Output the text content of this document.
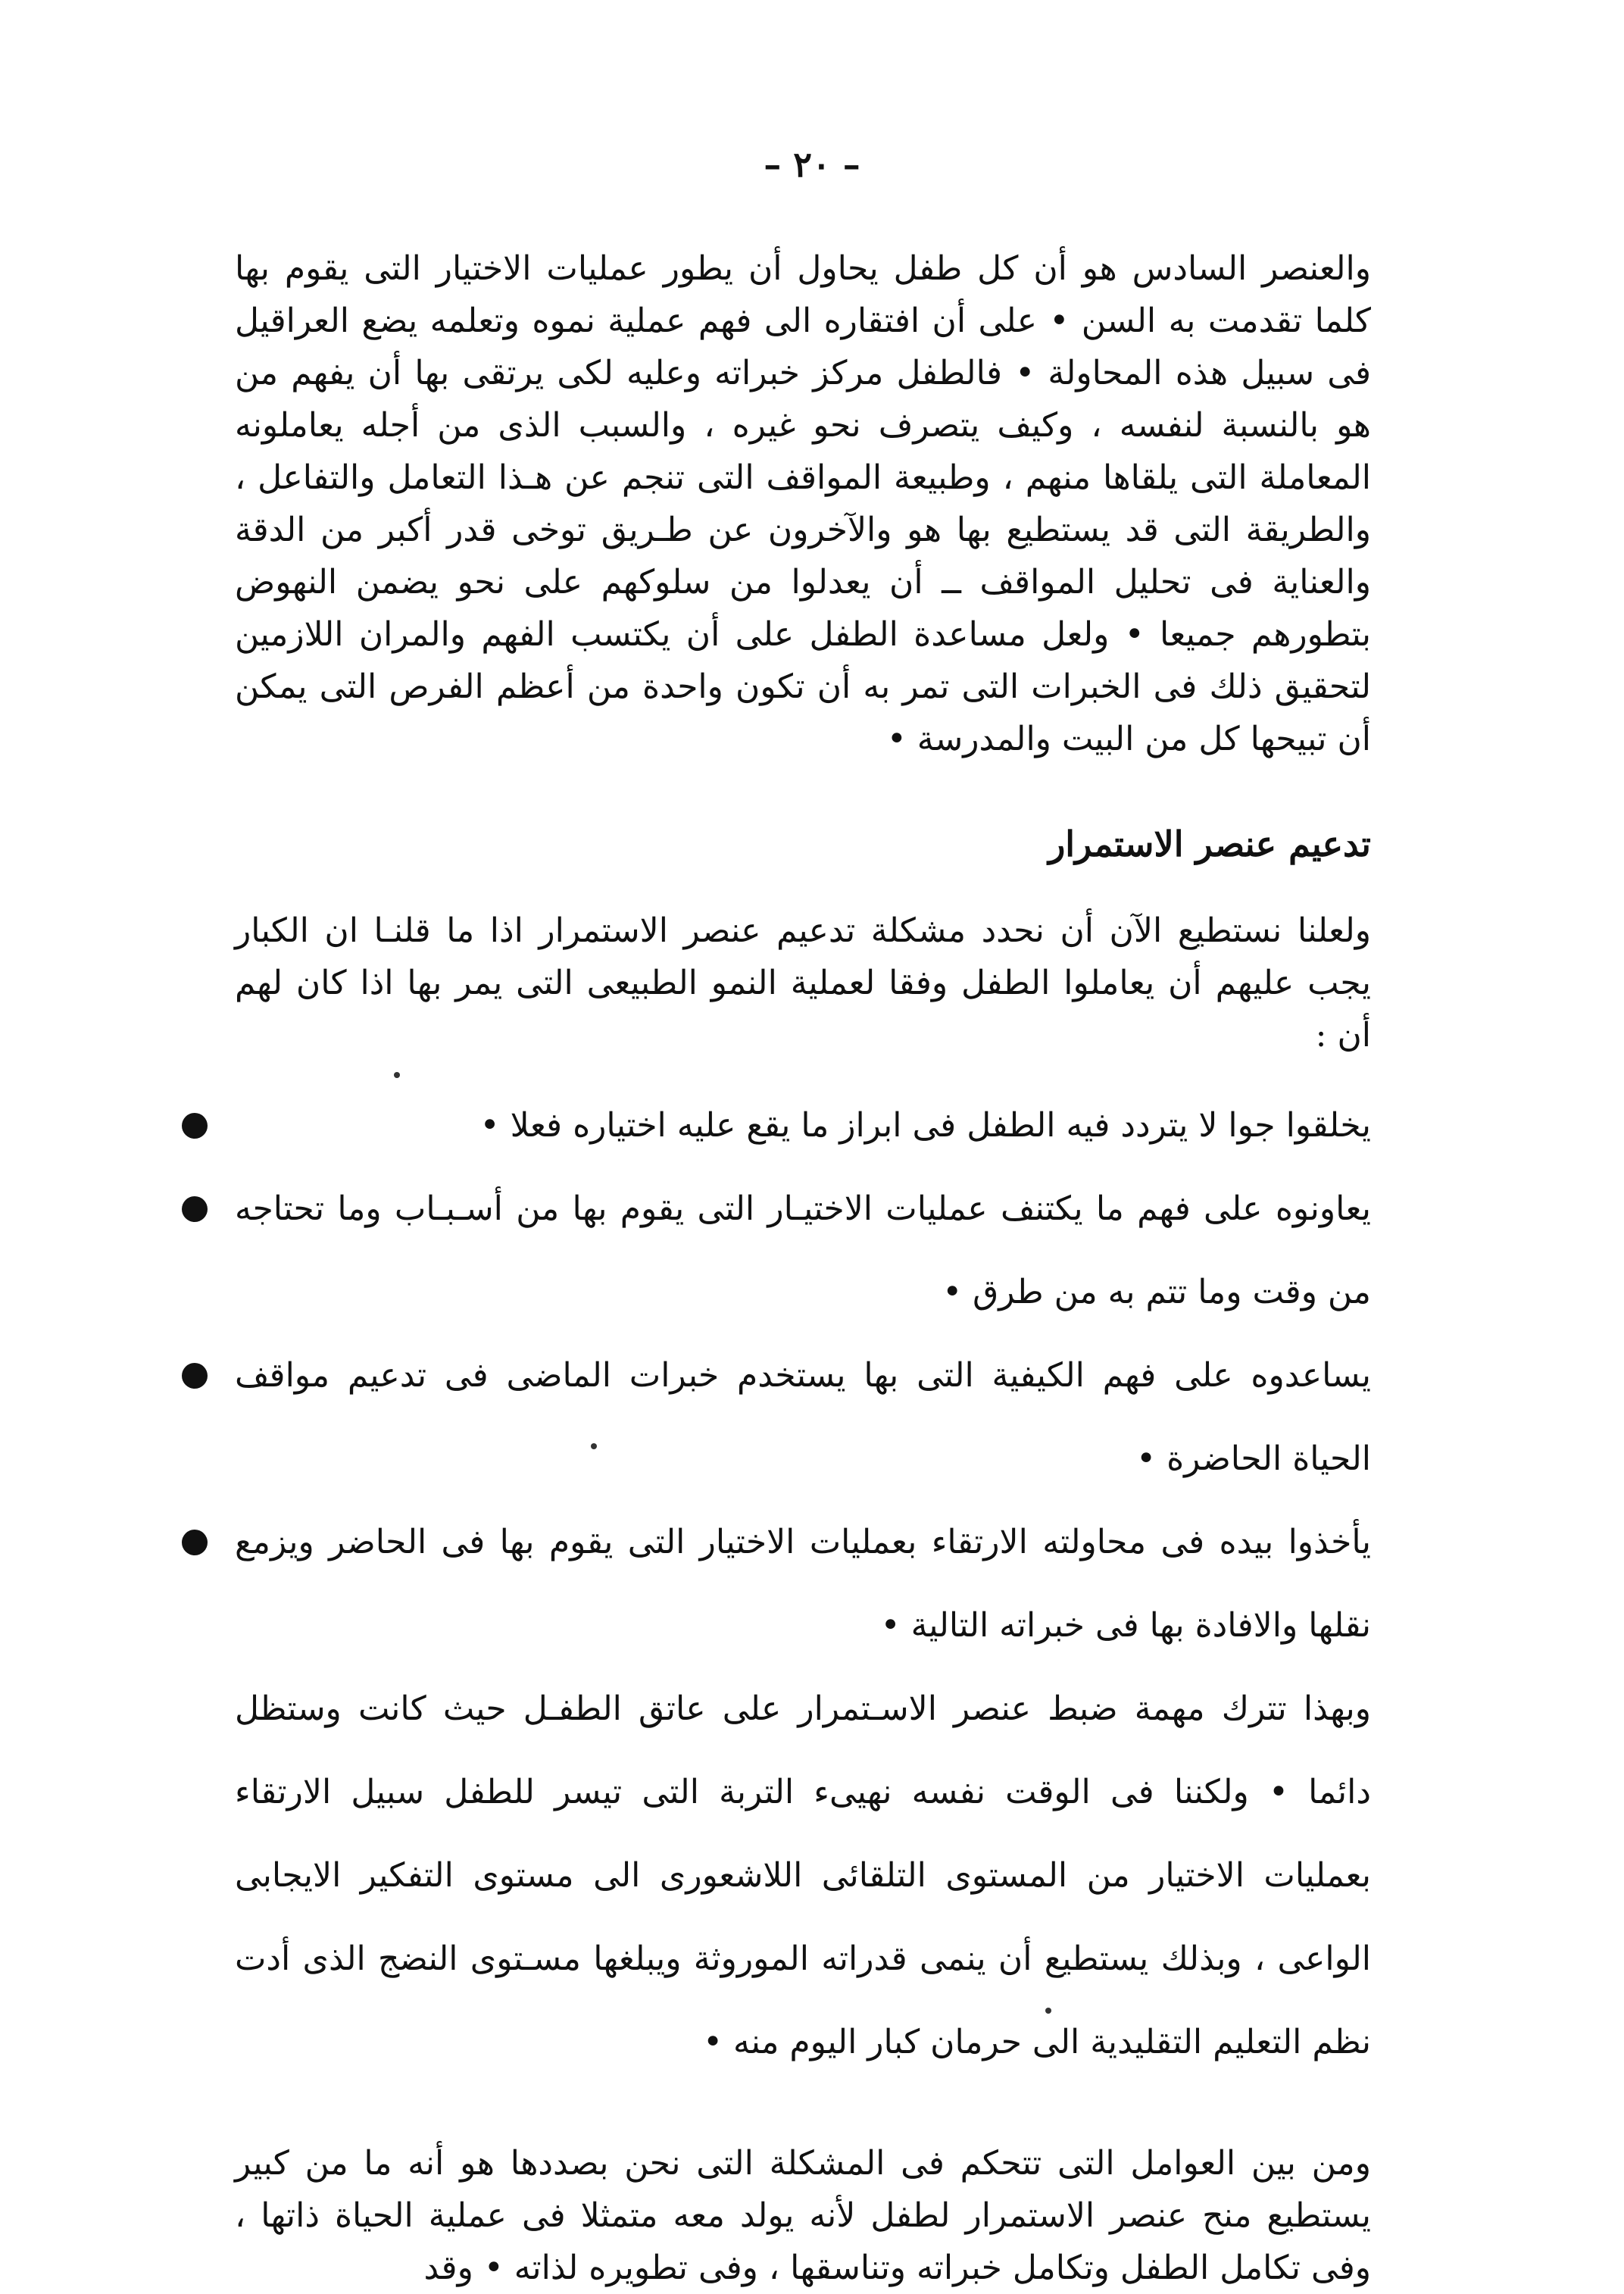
– ٢٠ –

والعنصر السادس هو أن كل طفل يحاول أن يطور عمليات الاختيار التى يقوم بها كلما تقدمت به السن • على أن افتقاره الى فهم عملية نموه وتعلمه يضع العراقيل فى سبيل هذه المحاولة • فالطفل مركز خبراته وعليه لكى يرتقى بها أن يفهم من هو بالنسبة لنفسه ، وكيف يتصرف نحو غيره ، والسبب الذى من أجله يعاملونه المعاملة التى يلقاها منهم ، وطبيعة المواقف التى تنجم عن هـذا التعامل والتفاعل ، والطريقة التى قد يستطيع بها هو والآخرون عن طـريق توخى قدر أكبر من الدقة والعناية فى تحليل المواقف ــ أن يعدلوا من سلوكهم على نحو يضمن النهوض بتطورهم جميعا • ولعل مساعدة الطفل على أن يكتسب الفهم والمران اللازمين لتحقيق ذلك فى الخبرات التى تمر به أن تكون واحدة من أعظم الفرص التى يمكن أن تبيحها كل من البيت والمدرسة •

تدعيم عنصر الاستمرار

ولعلنا نستطيع الآن أن نحدد مشكلة تدعيم عنصر الاستمرار اذا ما قلنـا ان الكبار يجب عليهم أن يعاملوا الطفل وفقا لعملية النمو الطبيعى التى يمر بها اذا كان لهم أن :

يخلقوا جوا لا يتردد فيه الطفل فى ابراز ما يقع عليه اختياره فعلا •
يعاونوه على فهم ما يكتنف عمليات الاختيـار التى يقوم بها من أسـبـاب وما تحتاجه من وقت وما تتم به من طرق •
يساعدوه على فهم الكيفية التى بها يستخدم خبرات الماضى فى تدعيم مواقف الحياة الحاضرة •
يأخذوا بيده فى محاولته الارتقاء بعمليات الاختيار التى يقوم بها فى الحاضر ويزمع نقلها والافادة بها فى خبراته التالية •

وبهذا تترك مهمة ضبط عنصر الاسـتمرار على عاتق الطفـل حيث كانت وستظل دائما • ولكننا فى الوقت نفسه نهيىء التربة التى تيسر للطفل سبيل الارتقاء بعمليات الاختيار من المستوى التلقائى اللاشعورى الى مستوى التفكير الايجابى الواعى ، وبذلك يستطيع أن ينمى قدراته الموروثة ويبلغها مسـتوى النضج الذى أدت نظم التعليم التقليدية الى حرمان كبار اليوم منه •

ومن بين العوامل التى تتحكم فى المشكلة التى نحن بصددها هو أنه ما من كبير يستطيع منح عنصر الاستمرار لطفل لأنه يولد معه متمثلا فى عملية الحياة ذاتها ، وفى تكامل الطفل وتكامل خبراته وتناسقها ، وفى تطويره لذاته • وقد
